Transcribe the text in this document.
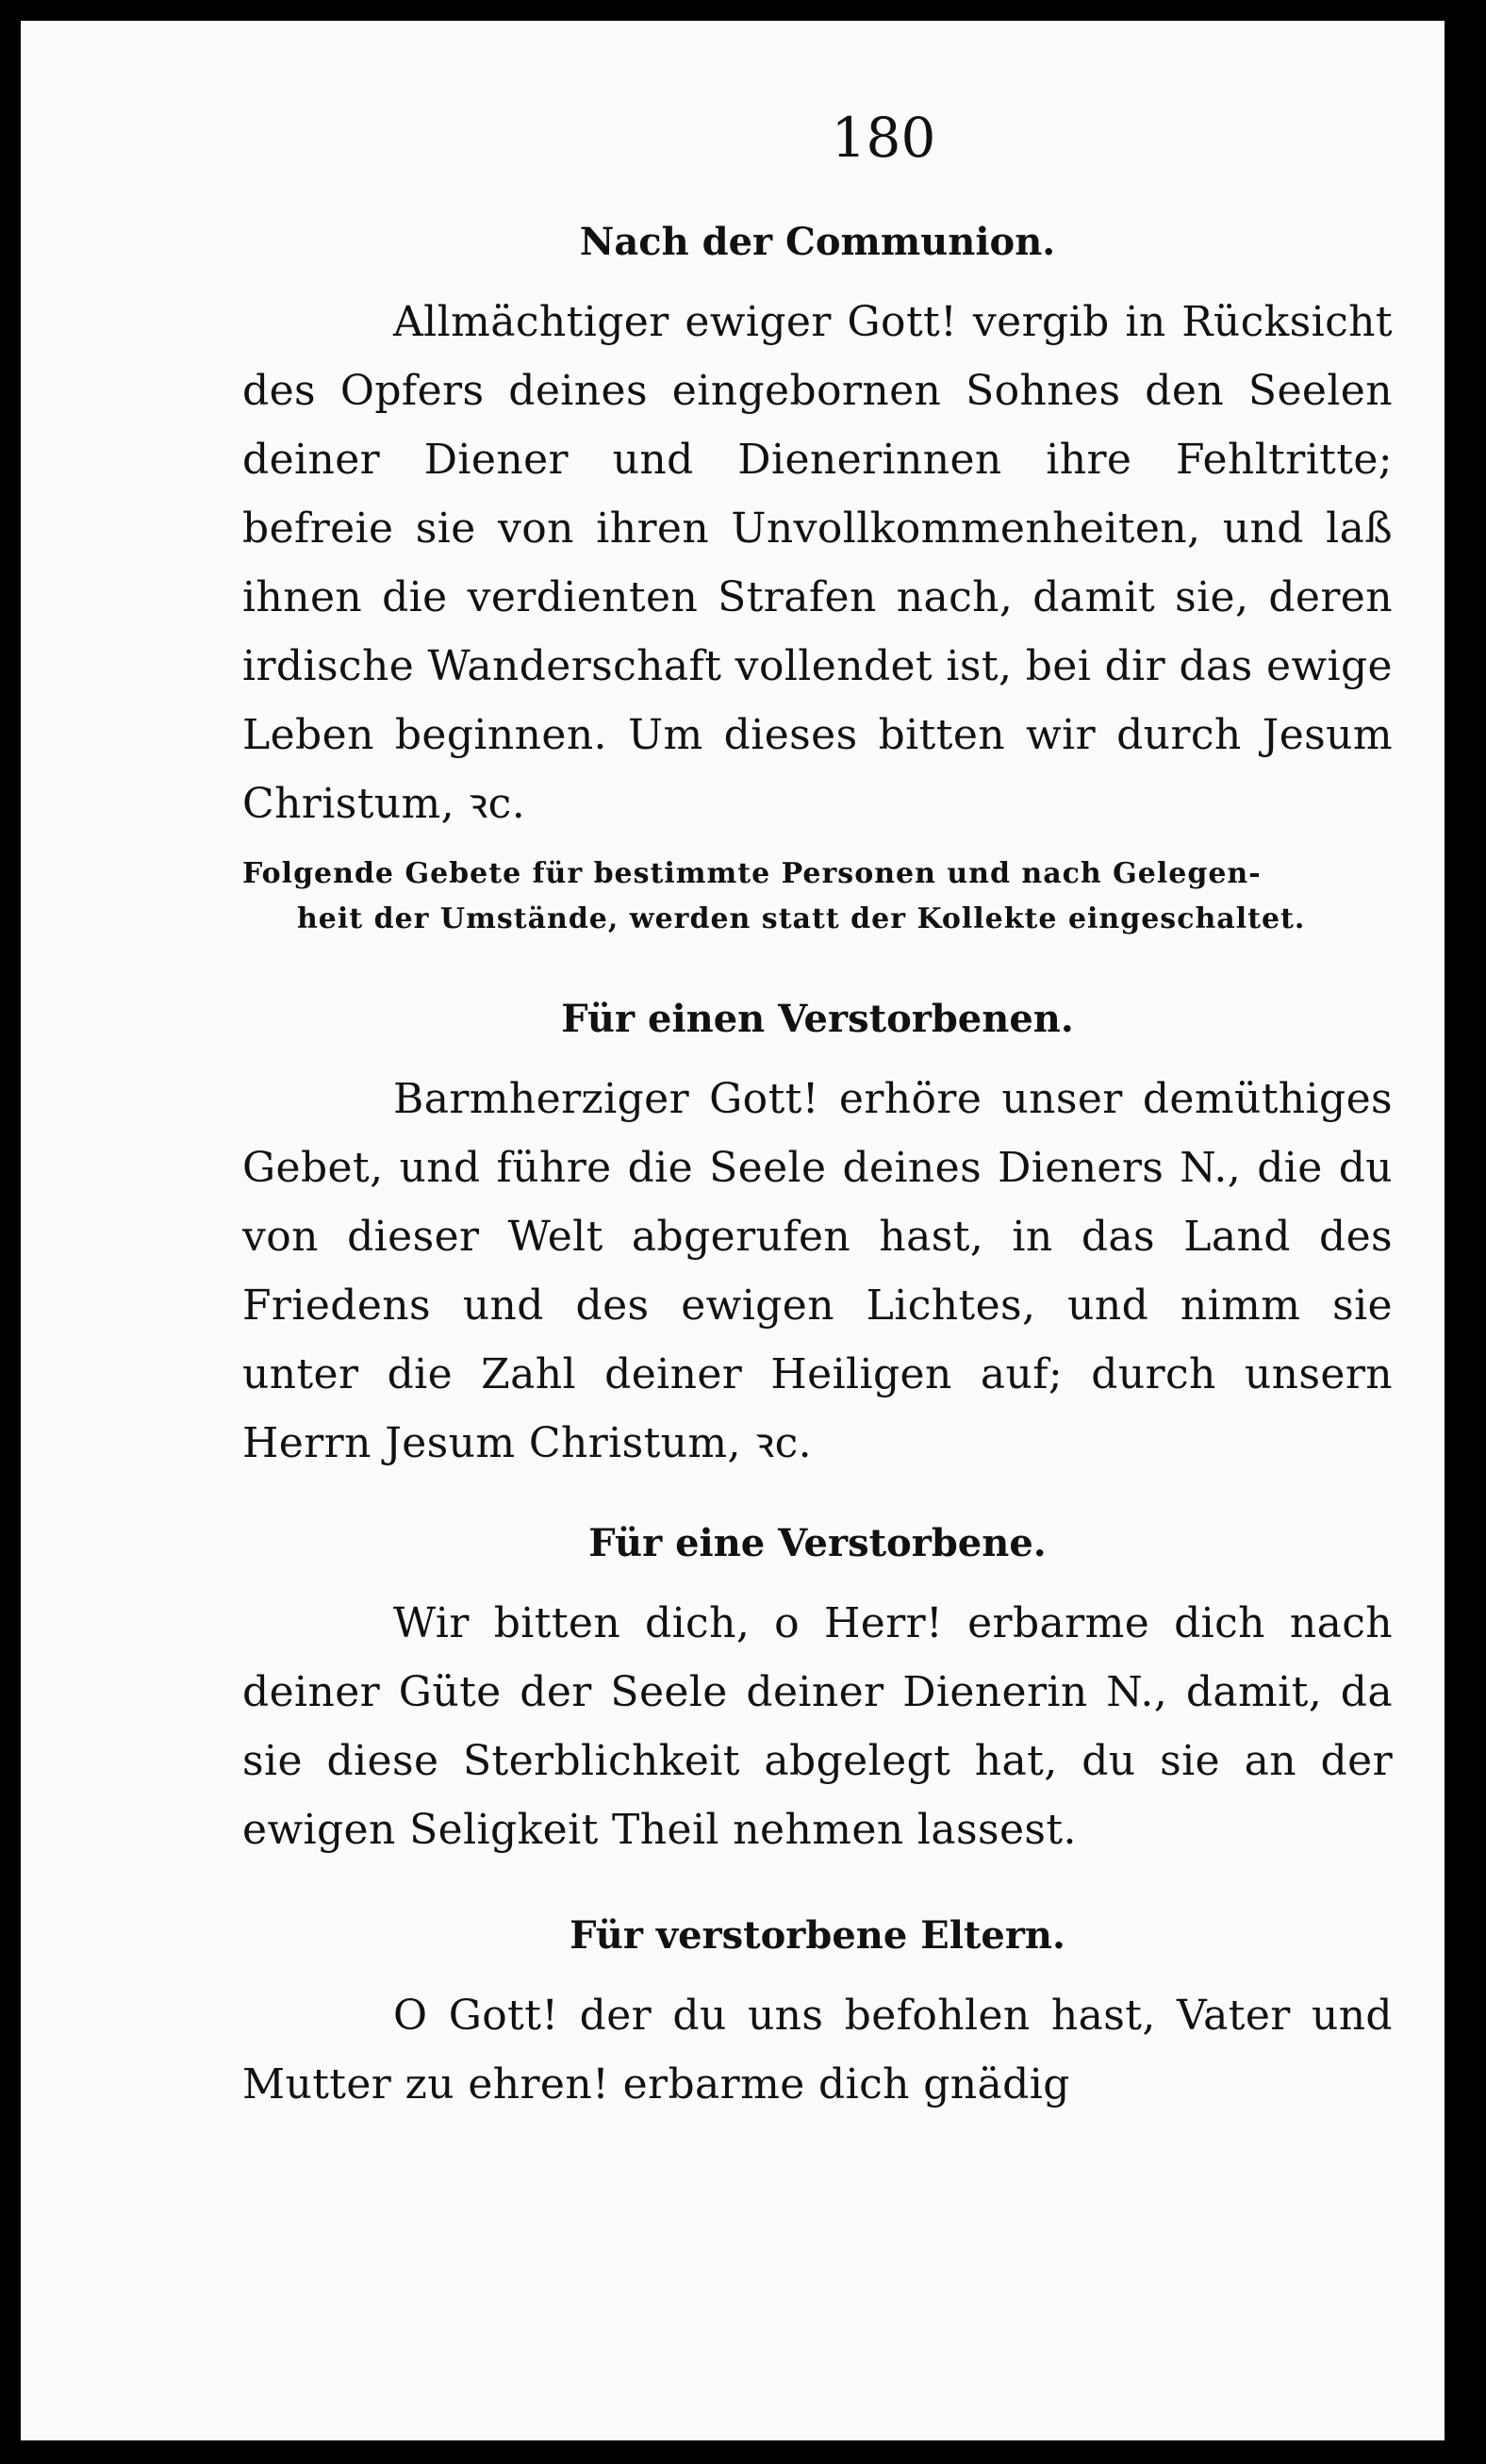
180
Nach der Communion.

Allmächtiger ewiger Gott! vergib in Rücksicht des Opfers deines eingebornen Sohnes den Seelen deiner Diener und Dienerinnen ihre Fehltritte; befreie sie von ihren Unvollkommenheiten, und laß ihnen die verdienten Strafen nach, damit sie, deren irdische Wanderschaft vollendet ist, bei dir das ewige Leben beginnen. Um dieses bitten wir durch Jesum Christum, ꝛc.

Folgende Gebete für bestimmte Personen und nach Gelegen-
heit der Umstände, werden statt der Kollekte eingeschaltet.
Für einen Verstorbenen.

Barmherziger Gott! erhöre unser demüthiges Gebet, und führe die Seele deines Dieners N., die du von dieser Welt abgerufen hast, in das Land des Friedens und des ewigen Lichtes, und nimm sie unter die Zahl deiner Heiligen auf; durch unsern Herrn Jesum Christum, ꝛc.

Für eine Verstorbene.

Wir bitten dich, o Herr! erbarme dich nach deiner Güte der Seele deiner Dienerin N., damit, da sie diese Sterblichkeit abgelegt hat, du sie an der ewigen Seligkeit Theil nehmen lassest.

Für verstorbene Eltern.

O Gott! der du uns befohlen hast, Vater und Mutter zu ehren! erbarme dich gnädig
